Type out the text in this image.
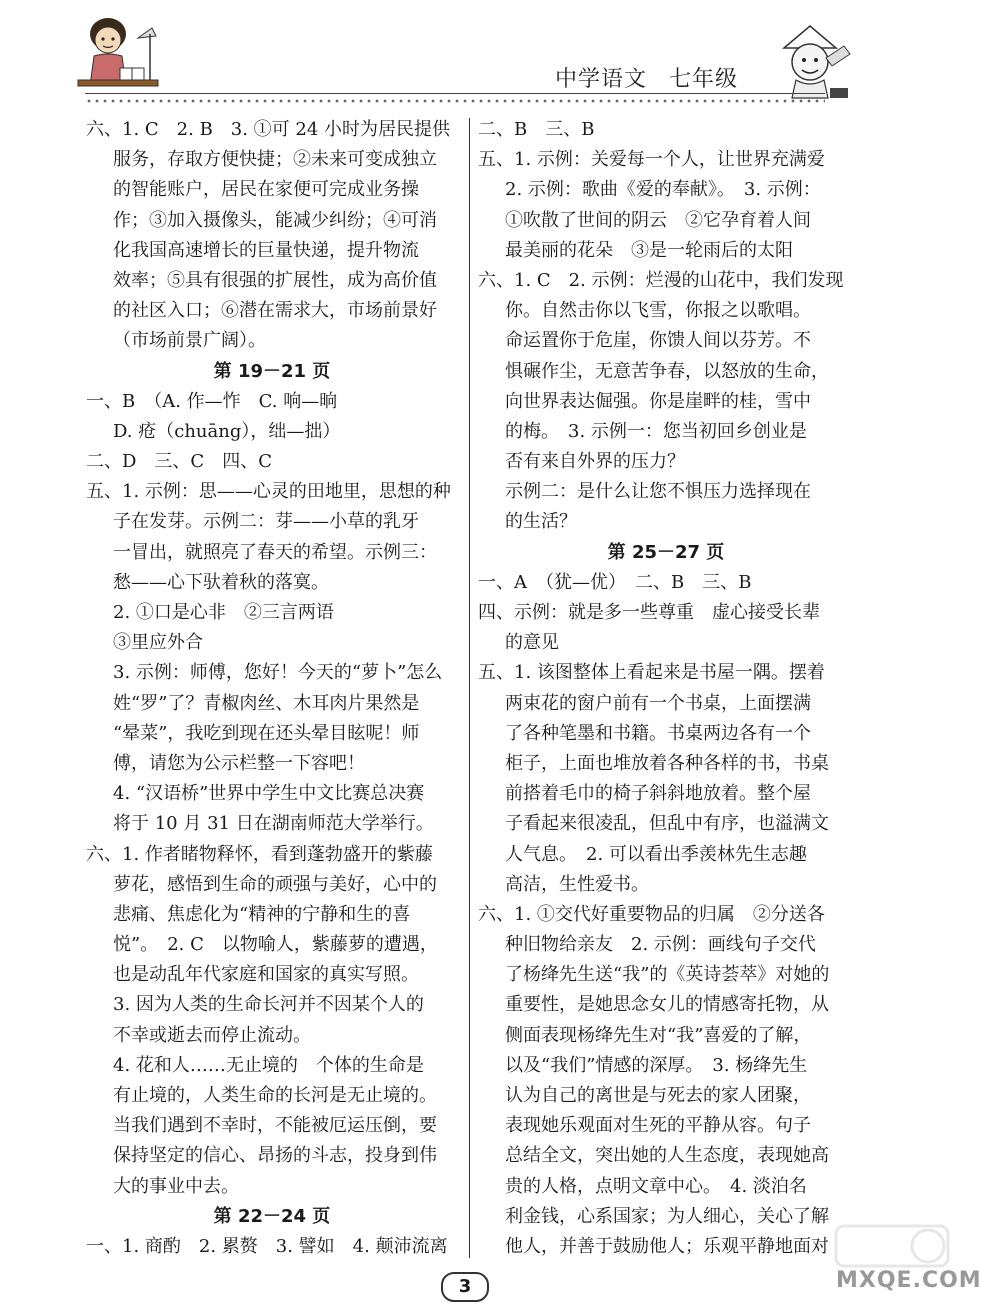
中学语文 七年级
六、1. C　2. B　3. ①可 24 小时为居民提供
服务，存取方便快捷；②未来可变成独立
的智能账户，居民在家便可完成业务操
作；③加入摄像头，能减少纠纷；④可消
化我国高速增长的巨量快递，提升物流
效率；⑤具有很强的扩展性，成为高价值
的社区入口；⑥潜在需求大，市场前景好
（市场前景广阔）。
第 19－21 页
一、B　（A. 作—怍　C. 响—晌
D. 疮（chuāng），绌—拙）
二、D　三、C　四、C
五、1. 示例：思——心灵的田地里，思想的种
子在发芽。示例二：芽——小草的乳牙
一冒出，就照亮了春天的希望。示例三：
愁——心下驮着秋的落寞。
2. ①口是心非　②三言两语
③里应外合
3. 示例：师傅，您好！今天的“萝卜”怎么
姓“罗”了？青椒肉丝、木耳肉片果然是
“晕菜”，我吃到现在还头晕目眩呢！师
傅，请您为公示栏整一下容吧！
4. “汉语桥”世界中学生中文比赛总决赛
将于 10 月 31 日在湖南师范大学举行。
六、1. 作者睹物释怀，看到蓬勃盛开的紫藤
萝花，感悟到生命的顽强与美好，心中的
悲痛、焦虑化为“精神的宁静和生的喜
悦”。　2. C　以物喻人，紫藤萝的遭遇，
也是动乱年代家庭和国家的真实写照。
3. 因为人类的生命长河并不因某个人的
不幸或逝去而停止流动。
4. 花和人……无止境的　个体的生命是
有止境的，人类生命的长河是无止境的。
当我们遇到不幸时，不能被厄运压倒，要
保持坚定的信心、昂扬的斗志，投身到伟
大的事业中去。
第 22－24 页
一、1. 商酌　2. 累赘　3. 譬如　4. 颠沛流离
二、B　三、B
五、1. 示例：关爱每一个人，让世界充满爱
2. 示例：歌曲《爱的奉献》。　3. 示例：
①吹散了世间的阴云　②它孕育着人间
最美丽的花朵　③是一轮雨后的太阳
六、1. C　2. 示例：烂漫的山花中，我们发现
你。自然击你以飞雪，你报之以歌唱。
命运置你于危崖，你馈人间以芬芳。不
惧碾作尘，无意苦争春，以怒放的生命，
向世界表达倔强。你是崖畔的桂，雪中
的梅。　3. 示例一：您当初回乡创业是
否有来自外界的压力？
示例二：是什么让您不惧压力选择现在
的生活？
第 25－27 页
一、A　（犹—优）　二、B　三、B
四、示例：就是多一些尊重　虚心接受长辈
的意见
五、1. 该图整体上看起来是书屋一隅。摆着
两束花的窗户前有一个书桌，上面摆满
了各种笔墨和书籍。书桌两边各有一个
柜子，上面也堆放着各种各样的书，书桌
前搭着毛巾的椅子斜斜地放着。整个屋
子看起来很凌乱，但乱中有序，也溢满文
人气息。　2. 可以看出季羡林先生志趣
高洁，生性爱书。
六、1. ①交代好重要物品的归属　②分送各
种旧物给亲友　2. 示例：画线句子交代
了杨绛先生送“我”的《英诗荟萃》对她的
重要性，是她思念女儿的情感寄托物，从
侧面表现杨绛先生对“我”喜爱的了解，
以及“我们”情感的深厚。　3. 杨绛先生
认为自己的离世是与死去的家人团聚，
表现她乐观面对生死的平静从容。句子
总结全文，突出她的人生态度，表现她高
贵的人格，点明文章中心。　4. 淡泊名
利金钱，心系国家；为人细心，关心了解
他人，并善于鼓励他人；乐观平静地面对
3	MXQE.COM
